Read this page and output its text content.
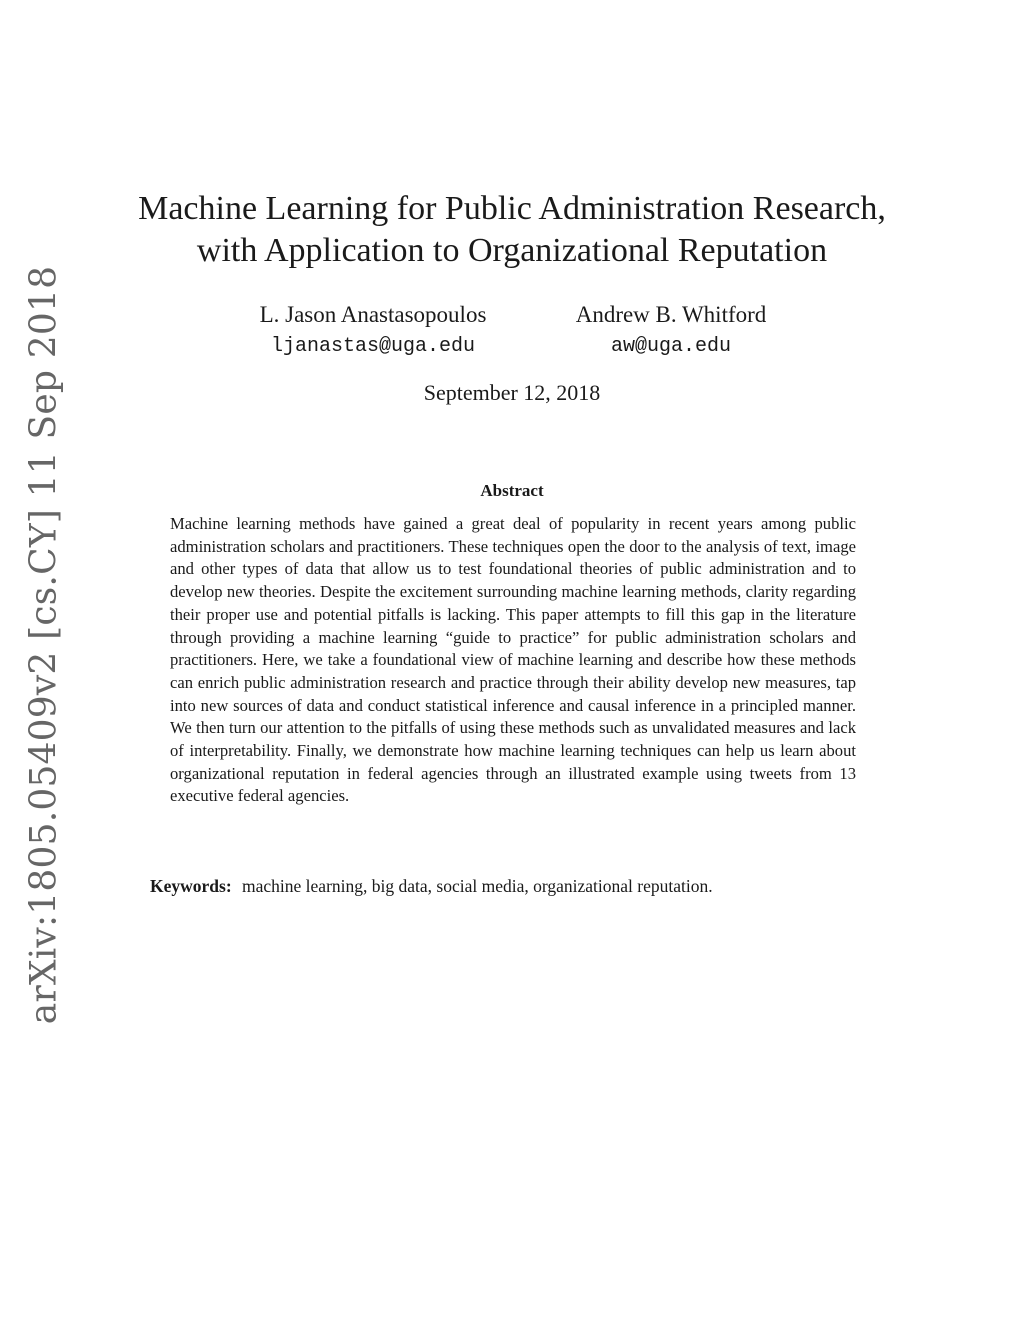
arXiv:1805.05409v2 [cs.CY] 11 Sep 2018
Machine Learning for Public Administration Research,
with Application to Organizational Reputation
L. Jason Anastasopoulos
ljanastas@uga.edu
Andrew B. Whitford
aw@uga.edu
September 12, 2018
Abstract

Machine learning methods have gained a great deal of popularity in recent years among public administration scholars and practitioners. These techniques open the door to the analysis of text, image and other types of data that allow us to test foundational theories of public administration and to develop new theories. Despite the excitement surrounding machine learning methods, clarity regarding their proper use and potential pitfalls is lacking. This paper attempts to fill this gap in the literature through providing a machine learning “guide to practice” for public administration scholars and practitioners. Here, we take a foundational view of machine learning and describe how these methods can enrich public administration research and practice through their ability develop new measures, tap into new sources of data and conduct statistical inference and causal inference in a principled manner. We then turn our attention to the pitfalls of using these methods such as unvalidated measures and lack of interpretability. Finally, we demonstrate how machine learning techniques can help us learn about organizational reputation in federal agencies through an illustrated example using tweets from 13 executive federal agencies.

Keywords: machine learning, big data, social media, organizational reputation.
